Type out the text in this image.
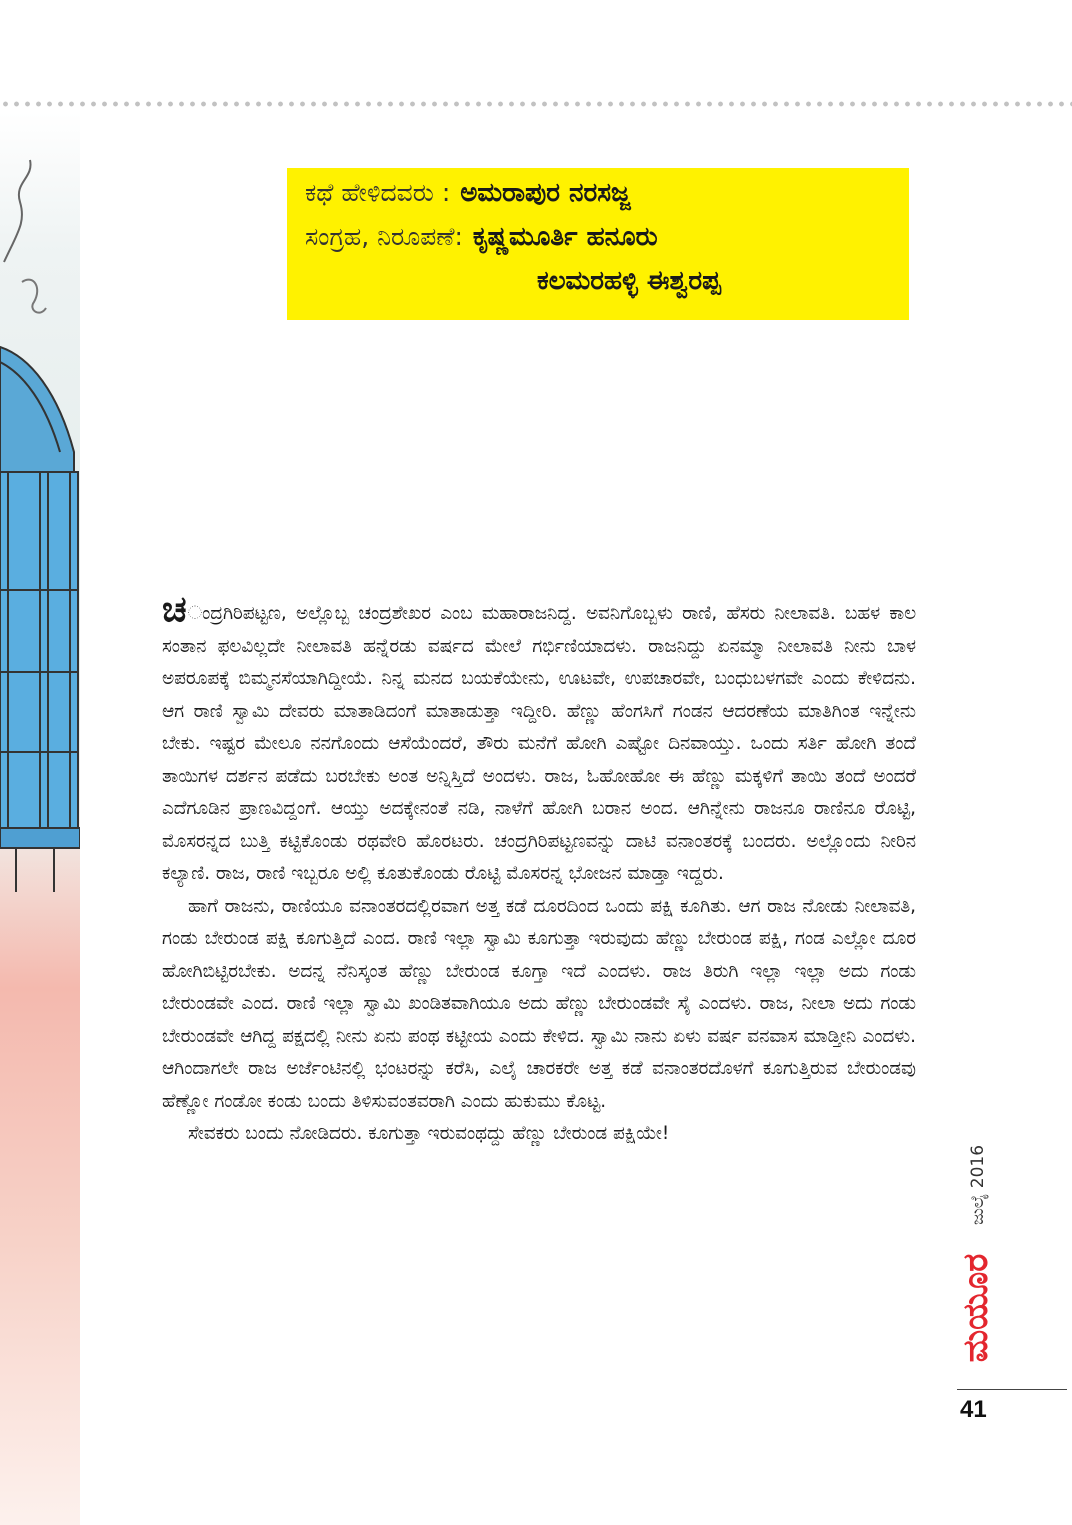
ಕಥೆ ಹೇಳಿದವರು : ಅಮರಾಪುರ ನರಸಜ್ಜ
ಸಂಗ್ರಹ, ನಿರೂಪಣೆ: ಕೃಷ್ಣಮೂರ್ತಿ ಹನೂರು
ಕಲಮರಹಳ್ಳಿ ಈಶ್ವರಪ್ಪ

ಚಂದ್ರಗಿರಿಪಟ್ಟಣ, ಅಲ್ಲೊಬ್ಬ ಚಂದ್ರಶೇಖರ ಎಂಬ ಮಹಾರಾಜನಿದ್ದ. ಅವನಿಗೊಬ್ಬಳು ರಾಣಿ, ಹೆಸರು ನೀಲಾವತಿ. ಬಹಳ ಕಾಲ ಸಂತಾನ ಫಲವಿಲ್ಲದೇ ನೀಲಾವತಿ ಹನ್ನೆರಡು ವರ್ಷದ ಮೇಲೆ ಗರ್ಭಿಣಿಯಾದಳು. ರಾಜನಿದ್ದು ಏನಮ್ಮಾ ನೀಲಾವತಿ ನೀನು ಬಾಳ ಅಪರೂಪಕ್ಕೆ ಬಿಮ್ಮನಸೆಯಾಗಿದ್ದೀಯೆ. ನಿನ್ನ ಮನದ ಬಯಕೆಯೇನು, ಊಟವೇ, ಉಪಚಾರವೇ, ಬಂಧುಬಳಗವೇ ಎಂದು ಕೇಳಿದನು. ಆಗ ರಾಣಿ ಸ್ವಾಮಿ ದೇವರು ಮಾತಾಡಿದಂಗೆ ಮಾತಾಡುತ್ತಾ ಇದ್ದೀರಿ. ಹೆಣ್ಣು ಹೆಂಗಸಿಗೆ ಗಂಡನ ಆದರಣೆಯ ಮಾತಿಗಿಂತ ಇನ್ನೇನು ಬೇಕು. ಇಷ್ಟರ ಮೇಲೂ ನನಗೊಂದು ಆಸೆಯೆಂದರೆ, ತೌರು ಮನೆಗೆ ಹೋಗಿ ಎಷ್ಟೋ ದಿನವಾಯ್ತು. ಒಂದು ಸರ್ತಿ ಹೋಗಿ ತಂದೆ ತಾಯಿಗಳ ದರ್ಶನ ಪಡೆದು ಬರಬೇಕು ಅಂತ ಅನ್ನಿಸ್ತಿದೆ ಅಂದಳು. ರಾಜ, ಓಹೋಹೋ ಈ ಹೆಣ್ಣು ಮಕ್ಕಳಿಗೆ ತಾಯಿ ತಂದೆ ಅಂದರೆ ಎದೆಗೂಡಿನ ಪ್ರಾಣವಿದ್ದಂಗೆ. ಆಯ್ತು ಅದಕ್ಕೇನಂತೆ ನಡಿ, ನಾಳೆಗೆ ಹೋಗಿ ಬರಾನ ಅಂದ. ಆಗಿನ್ನೇನು ರಾಜನೂ ರಾಣಿನೂ ರೊಟ್ಟಿ, ಮೊಸರನ್ನದ ಬುತ್ತಿ ಕಟ್ಟಿಕೊಂಡು ರಥವೇರಿ ಹೊರಟರು. ಚಂದ್ರಗಿರಿಪಟ್ಟಣವನ್ನು ದಾಟಿ ವನಾಂತರಕ್ಕೆ ಬಂದರು. ಅಲ್ಲೊಂದು ನೀರಿನ ಕಲ್ಯಾಣಿ. ರಾಜ, ರಾಣಿ ಇಬ್ಬರೂ ಅಲ್ಲಿ ಕೂತುಕೊಂಡು ರೊಟ್ಟಿ ಮೊಸರನ್ನ ಭೋಜನ ಮಾಡ್ತಾ ಇದ್ದರು.

ಹಾಗೆ ರಾಜನು, ರಾಣಿಯೂ ವನಾಂತರದಲ್ಲಿರವಾಗ ಅತ್ತ ಕಡೆ ದೂರದಿಂದ ಒಂದು ಪಕ್ಷಿ ಕೂಗಿತು. ಆಗ ರಾಜ ನೋಡು ನೀಲಾವತಿ, ಗಂಡು ಬೇರುಂಡ ಪಕ್ಷಿ ಕೂಗುತ್ತಿದೆ ಎಂದ. ರಾಣಿ ಇಲ್ಲಾ ಸ್ವಾಮಿ ಕೂಗುತ್ತಾ ಇರುವುದು ಹೆಣ್ಣು ಬೇರುಂಡ ಪಕ್ಷಿ, ಗಂಡ ಎಲ್ಲೋ ದೂರ ಹೋಗಿಬಿಟ್ಟಿರಬೇಕು. ಅದನ್ನ ನೆನಿಸ್ಕಂತ ಹೆಣ್ಣು ಬೇರುಂಡ ಕೂಗ್ತಾ ಇದೆ ಎಂದಳು. ರಾಜ ತಿರುಗಿ ಇಲ್ಲಾ ಇಲ್ಲಾ ಅದು ಗಂಡು ಬೇರುಂಡವೇ ಎಂದ. ರಾಣಿ ಇಲ್ಲಾ ಸ್ವಾಮಿ ಖಂಡಿತವಾಗಿಯೂ ಅದು ಹೆಣ್ಣು ಬೇರುಂಡವೇ ಸೈ ಎಂದಳು. ರಾಜ, ನೀಲಾ ಅದು ಗಂಡು ಬೇರುಂಡವೇ ಆಗಿದ್ದ ಪಕ್ಷದಲ್ಲಿ ನೀನು ಏನು ಪಂಥ ಕಟ್ಟೀಯ ಎಂದು ಕೇಳಿದ. ಸ್ವಾಮಿ ನಾನು ಏಳು ವರ್ಷ ವನವಾಸ ಮಾಡ್ತೀನಿ ಎಂದಳು. ಆಗಿಂದಾಗಲೇ ರಾಜ ಅರ್ಜೆಂಟಿನಲ್ಲಿ ಭಂಟರನ್ನು ಕರೆಸಿ, ಎಲೈ ಚಾರಕರೇ ಅತ್ತ ಕಡೆ ವನಾಂತರದೊಳಗೆ ಕೂಗುತ್ತಿರುವ ಬೇರುಂಡವು ಹೆಣ್ಣೋ ಗಂಡೋ ಕಂಡು ಬಂದು ತಿಳಿಸುವಂತವರಾಗಿ ಎಂದು ಹುಕುಮು ಕೊಟ್ಟ.

ಸೇವಕರು ಬಂದು ನೋಡಿದರು. ಕೂಗುತ್ತಾ ಇರುವಂಥದ್ದು ಹೆಣ್ಣು ಬೇರುಂಡ ಪಕ್ಷಿಯೇ!

ಜುಲೈ 2016
ಮಯೂರ
41
